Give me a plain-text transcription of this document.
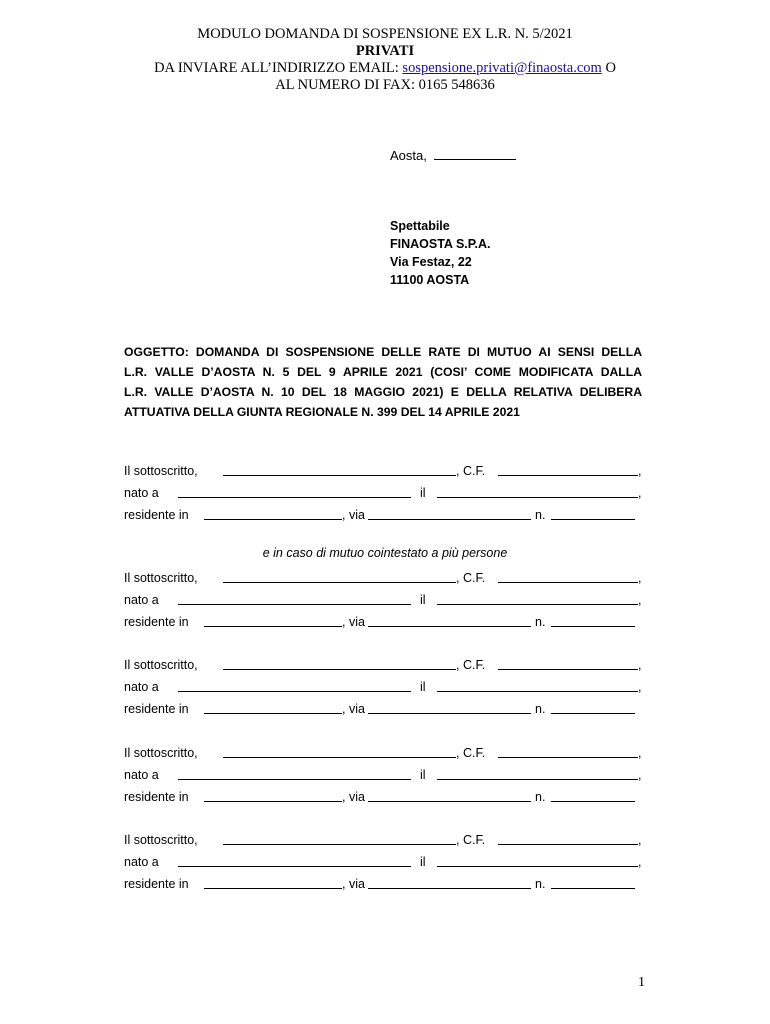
MODULO DOMANDA DI SOSPENSIONE EX L.R. N. 5/2021
PRIVATI
DA INVIARE ALL’INDIRIZZO EMAIL: sospensione.privati@finaosta.com O
AL NUMERO DI FAX: 0165 548636
Aosta,
Spettabile
FINAOSTA S.P.A.
Via Festaz, 22
11100 AOSTA
OGGETTO: DOMANDA DI SOSPENSIONE DELLE RATE DI MUTUO AI SENSI DELLA
L.R. VALLE D’AOSTA N. 5 DEL 9 APRILE 2021 (COSI’ COME MODIFICATA DALLA
L.R. VALLE D’AOSTA N. 10 DEL 18 MAGGIO 2021) E DELLA RELATIVA DELIBERA
ATTUATIVA DELLA GIUNTA REGIONALE N. 399 DEL 14 APRILE 2021
Il sottoscritto,	, C.F.	,
nato a	il	,
residente in	, via	n.
e in caso di mutuo cointestato a più persone
Il sottoscritto,	, C.F.	,
nato a	il	,
residente in	, via	n.
Il sottoscritto,	, C.F.	,
nato a	il	,
residente in	, via	n.
Il sottoscritto,	, C.F.	,
nato a	il	,
residente in	, via	n.
Il sottoscritto,	, C.F.	,
nato a	il	,
residente in	, via	n.
1
